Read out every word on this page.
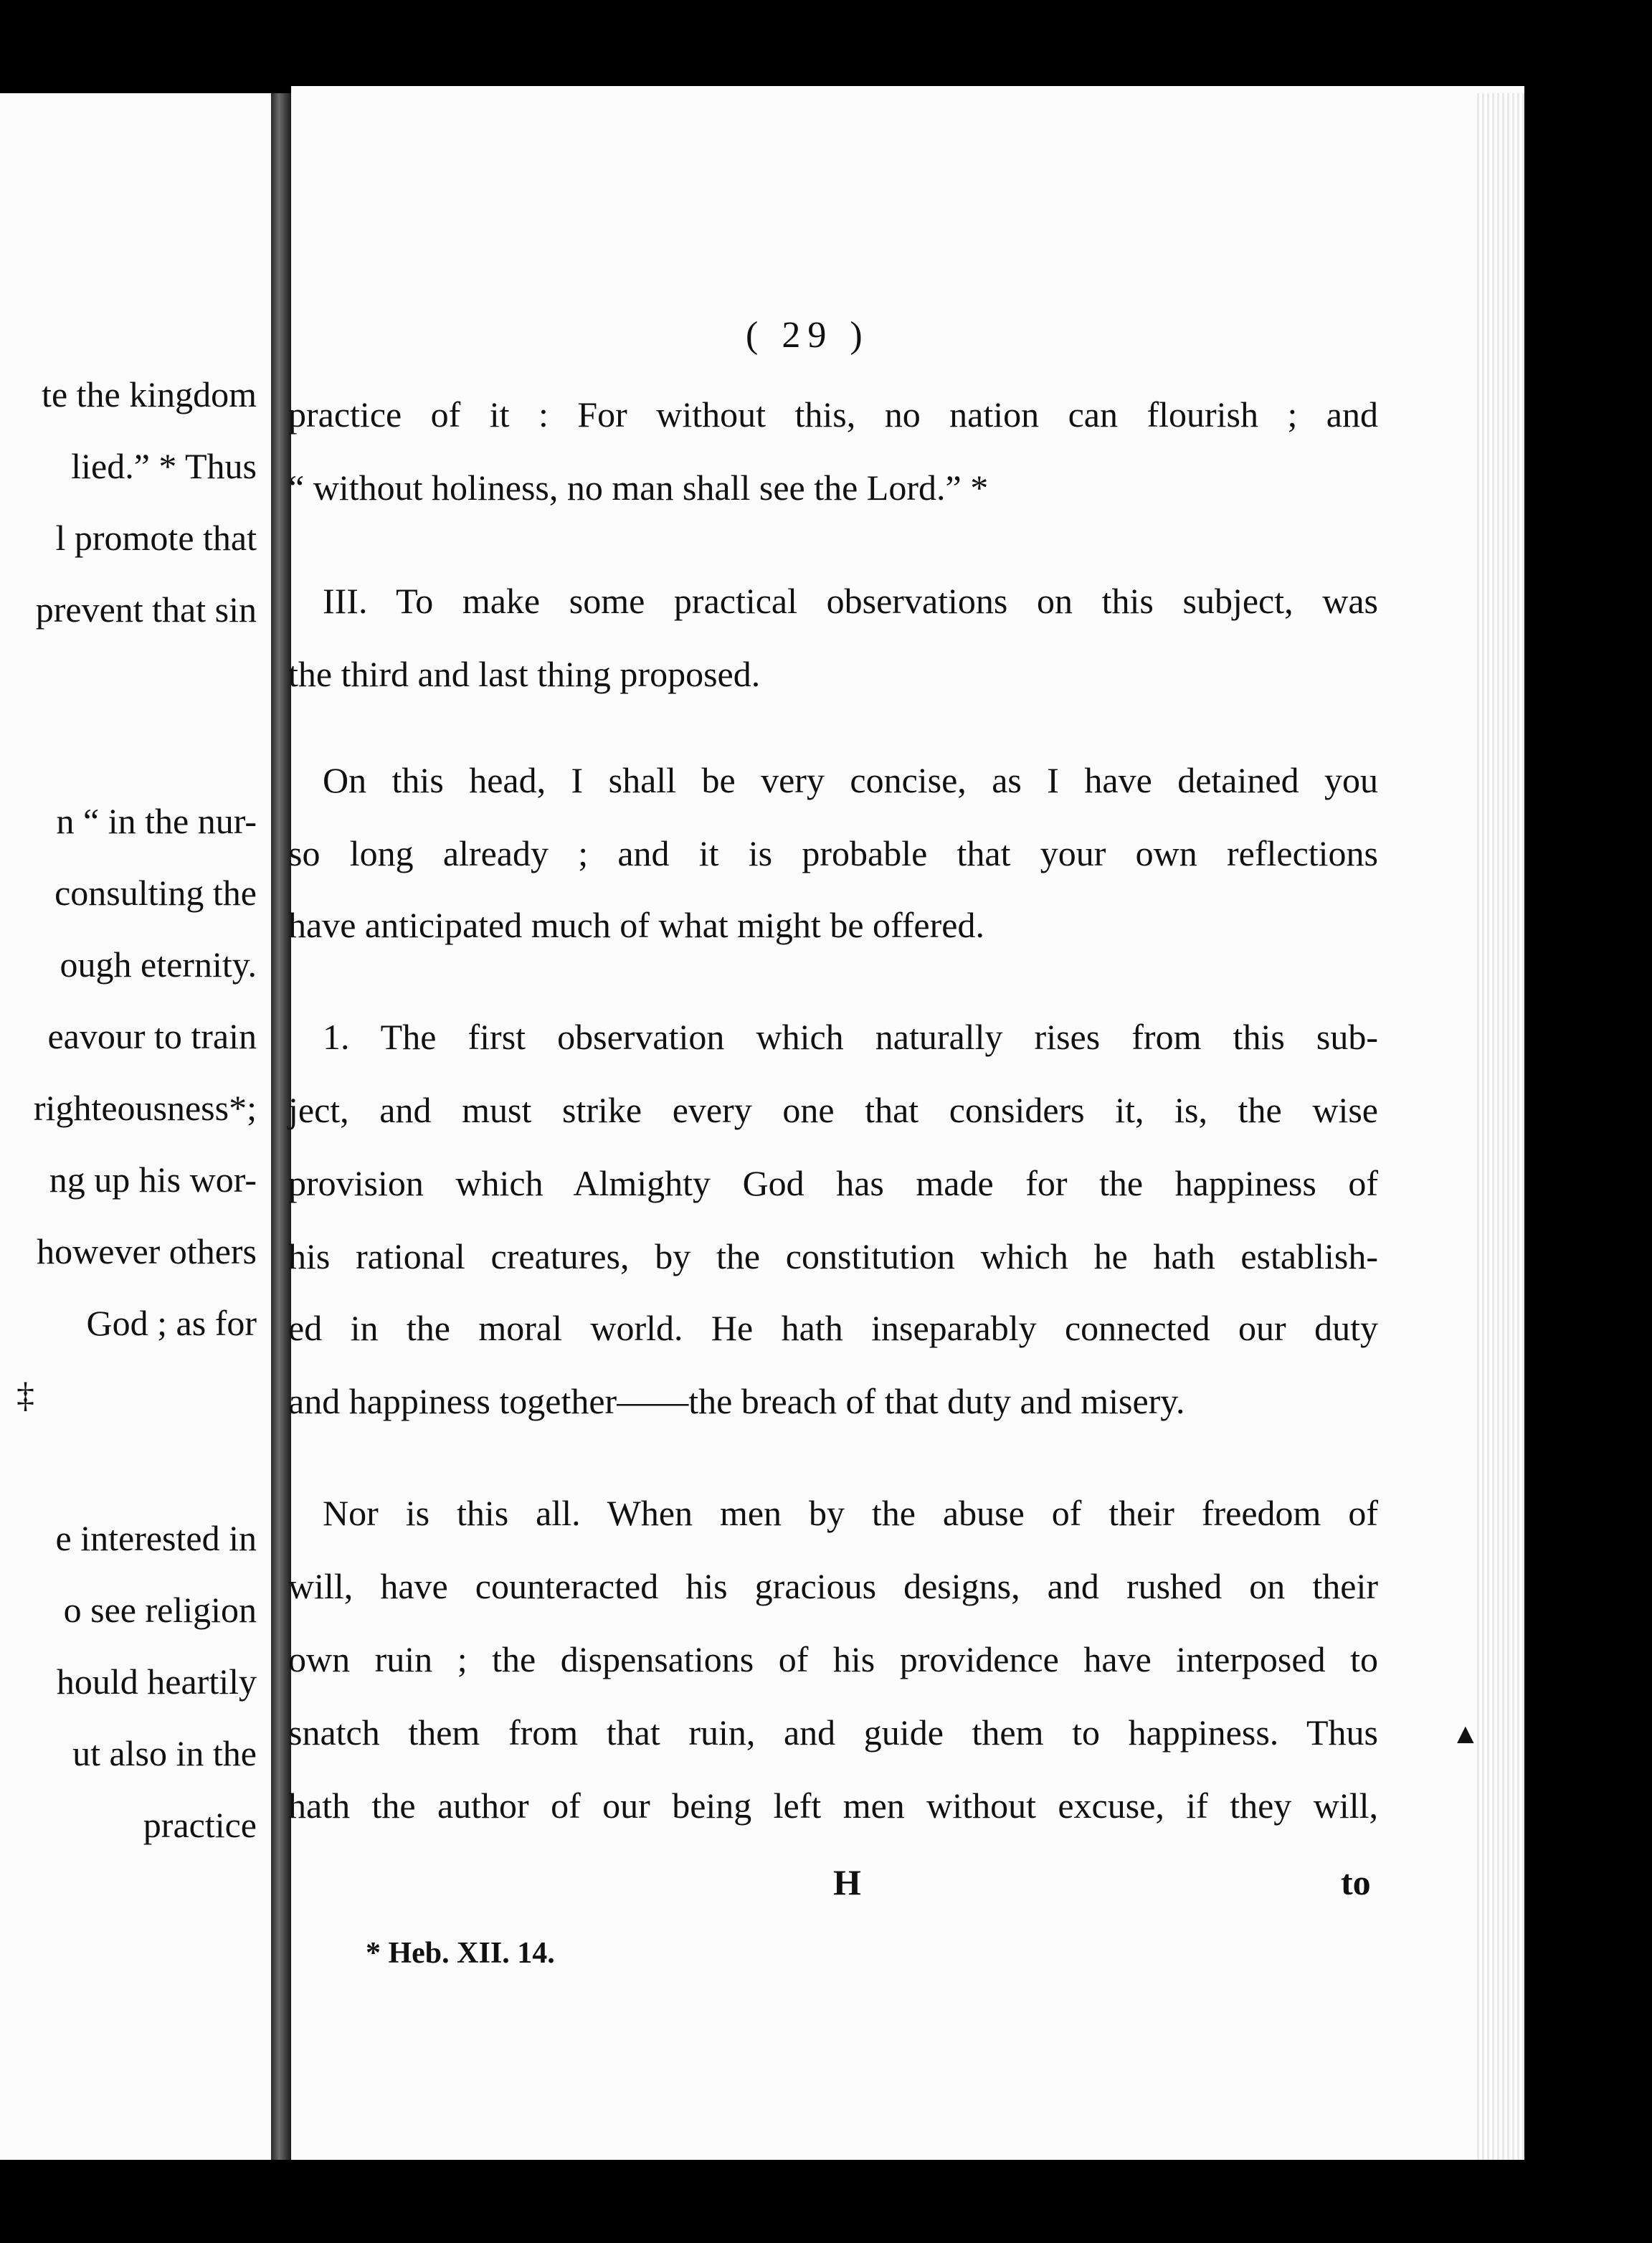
te the kingdom
lied.” * Thus
l promote that
prevent that sin
n “ in the nur-
consulting the
ough eternity.
eavour to train
righteousness*;
ng up his wor-
however others
God ; as for
‡
e interested in
o see religion
hould heartily
ut also in the
practice
( 29 )
practice of it : For without this, no nation can flourish ; and
“ without holiness, no man shall see the Lord.” *
III. To make some practical observations on this subject, was
the third and last thing proposed.
On this head, I shall be very concise, as I have detained you
so long already ; and it is probable that your own reflections
have anticipated much of what might be offered.
1. The first observation which naturally rises from this sub-
ject, and must strike every one that considers it, is, the wise
provision which Almighty God has made for the happiness of
his rational creatures, by the constitution which he hath establish-
ed in the moral world. He hath inseparably connected our duty
and happiness together——the breach of that duty and misery.
Nor is this all. When men by the abuse of their freedom of
will, have counteracted his gracious designs, and rushed on their
own ruin ; the dispensations of his providence have interposed to
snatch them from that ruin, and guide them to happiness. Thus
hath the author of our being left men without excuse, if they will,
H	to
* Heb. XII. 14.
▲
